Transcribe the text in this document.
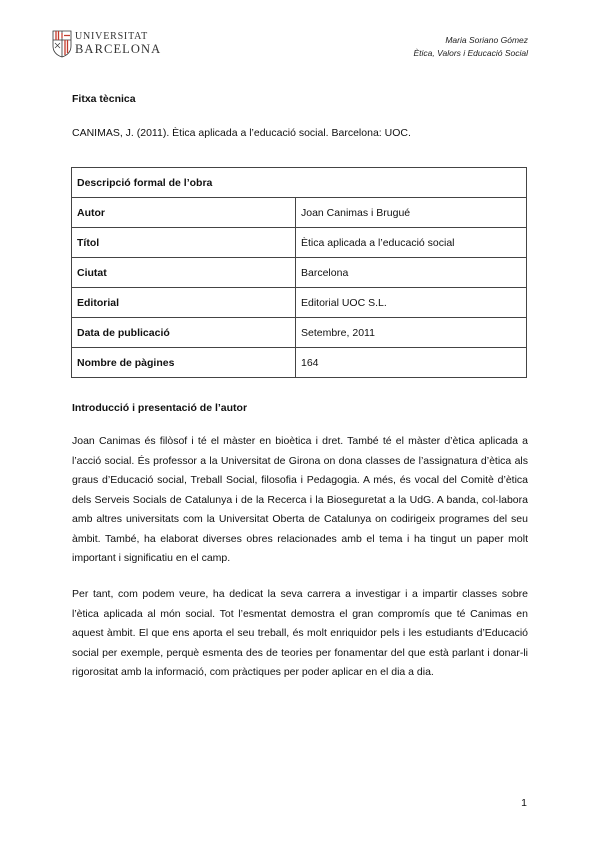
UNIVERSITAT
BARCELONA
Maria Soriano Gómez
Ètica, Valors i Educació Social
Fitxa tècnica
CANIMAS, J. (2011). Ètica aplicada a l’educació social. Barcelona: UOC.
Descripció formal de l’obra	
Autor	Joan Canimas i Brugué
Títol	Ètica aplicada a l’educació social
Ciutat	Barcelona
Editorial	Editorial UOC S.L.
Data de publicació	Setembre, 2011
Nombre de pàgines	164
Introducció i presentació de l’autor

Joan Canimas és filòsof i té el màster en bioètica i dret. També té el màster d’ètica aplicada a l’acció social. És professor a la Universitat de Girona on dona classes de l’assignatura d’ètica als graus d’Educació social, Treball Social, filosofia i Pedagogia. A més, és vocal del Comitè d’ètica dels Serveis Socials de Catalunya i de la Recerca i la Bioseguretat a la UdG. A banda, col·labora amb altres universitats com la Universitat Oberta de Catalunya on codirigeix programes del seu àmbit. També, ha elaborat diverses obres relacionades amb el tema i ha tingut un paper molt important i significatiu en el camp.

Per tant, com podem veure, ha dedicat la seva carrera a investigar i a impartir classes sobre l’ètica aplicada al món social. Tot l’esmentat demostra el gran compromís que té Canimas en aquest àmbit. El que ens aporta el seu treball, és molt enriquidor pels i les estudiants d’Educació social per exemple, perquè esmenta des de teories per fonamentar del que està parlant i donar-li rigorositat amb la informació, com pràctiques per poder aplicar en el dia a dia.

1
